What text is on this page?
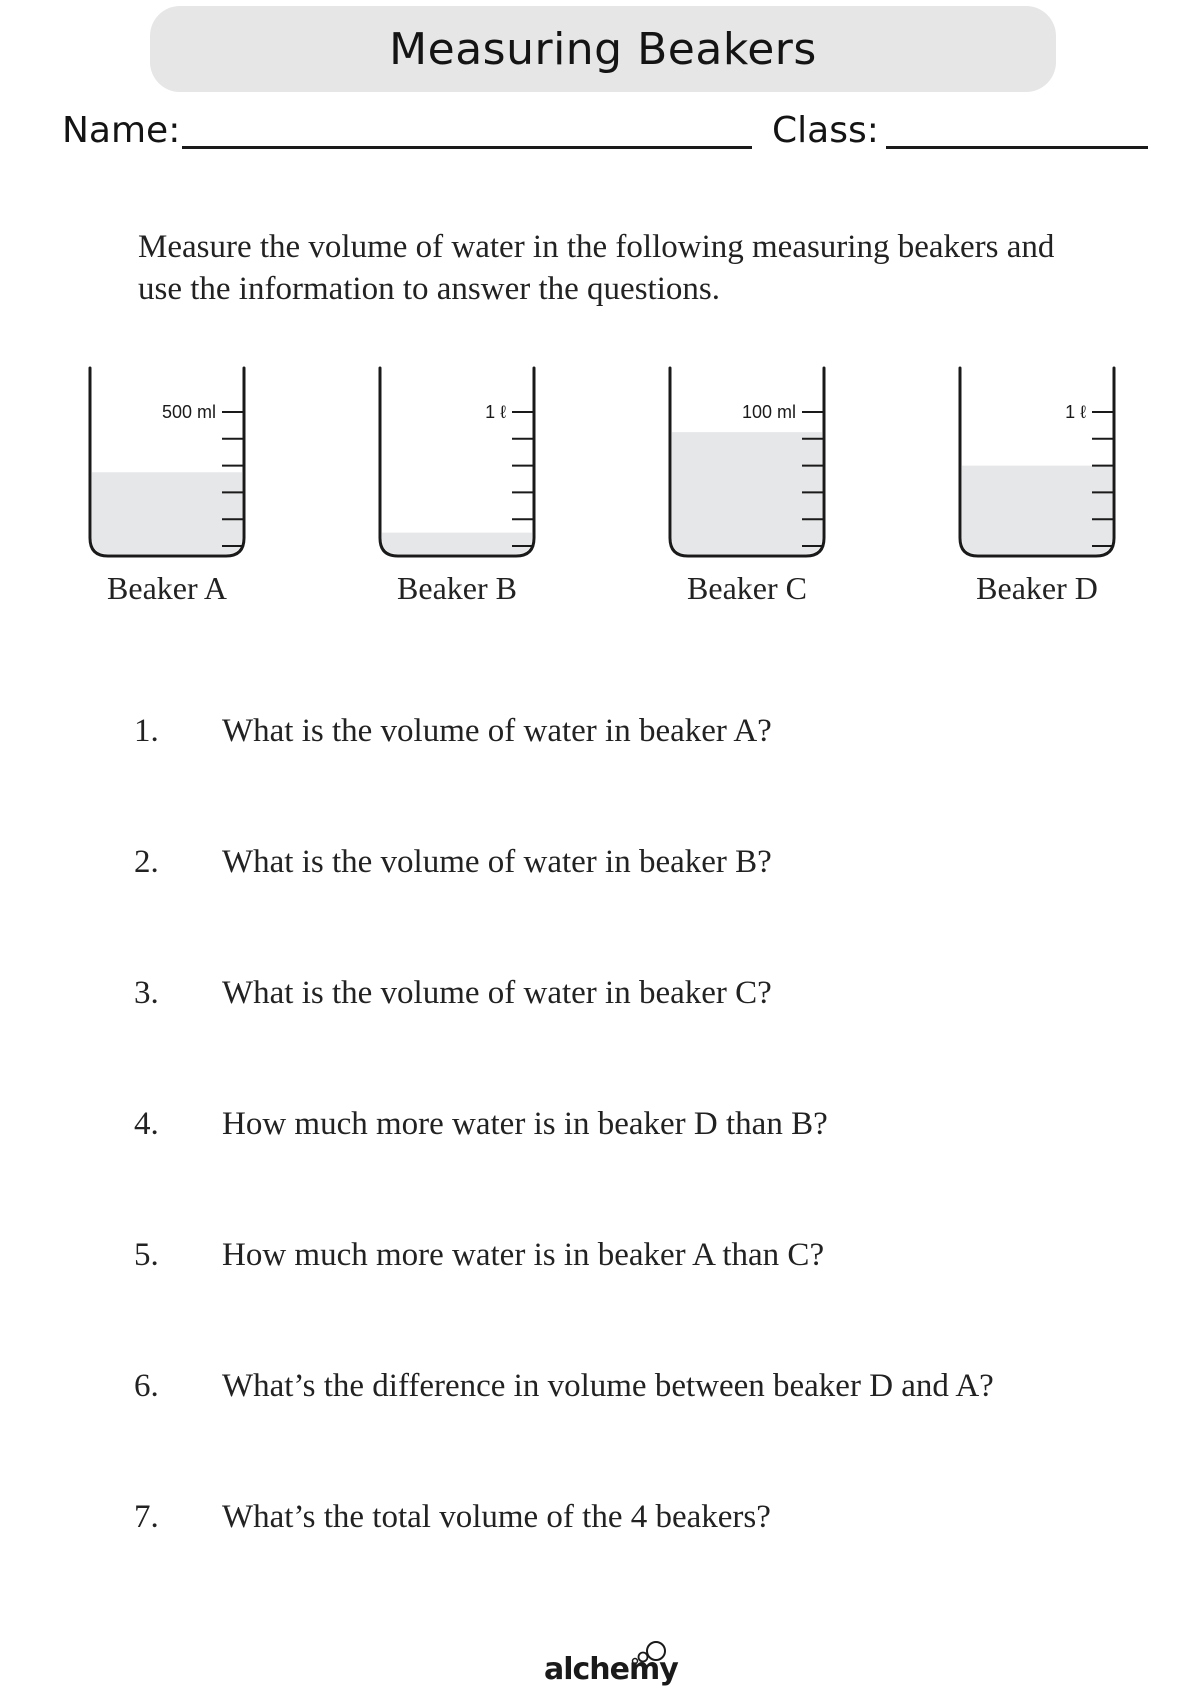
Measuring Beakers
Name:	Class:

Measure the volume of water in the following measuring beakers and use the information to answer the questions.

500 ml
Beaker A
1 ℓ
Beaker B
100 ml
Beaker C
1 ℓ
Beaker D
1. What is the volume of water in beaker A?
2. What is the volume of water in beaker B?
3. What is the volume of water in beaker C?
4. How much more water is in beaker D than B?
5. How much more water is in beaker A than C?
6. What’s the difference in volume between beaker D and A?
7. What’s the total volume of the 4 beakers?
alchemy
